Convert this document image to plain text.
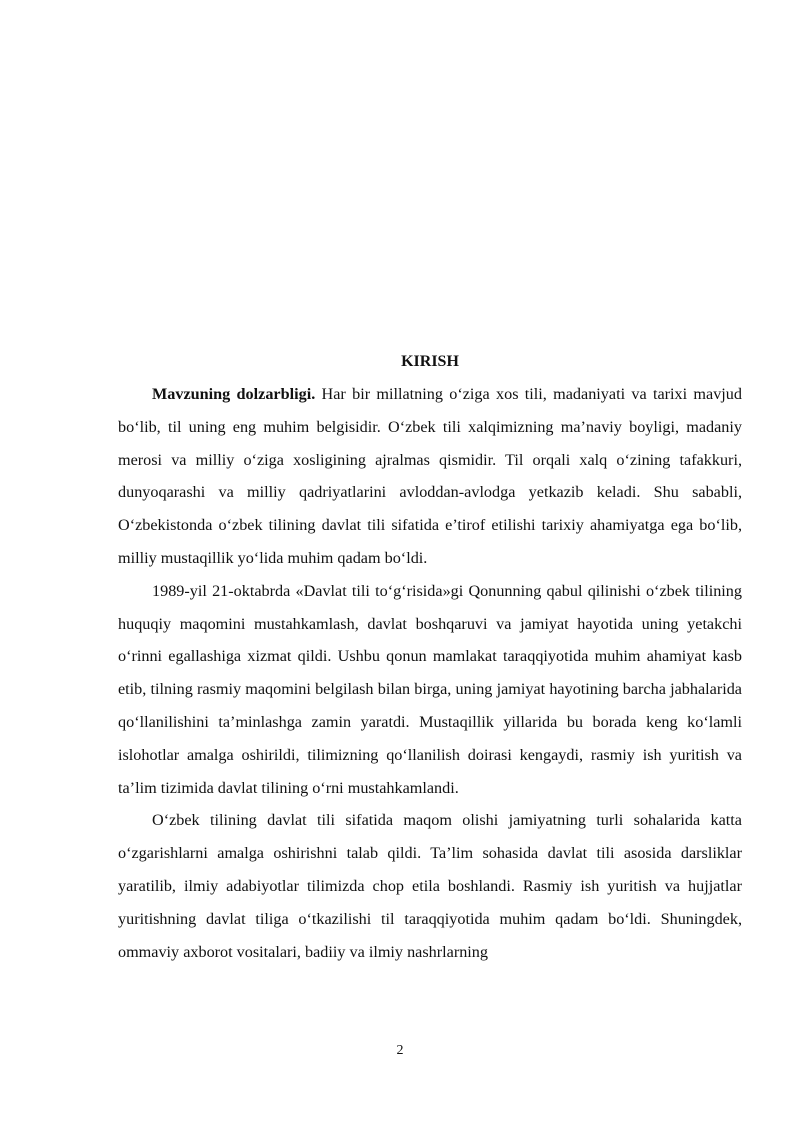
KIRISH

Mavzuning dolzarbligi. Har bir millatning o‘ziga xos tili, madaniyati va tarixi mavjud bo‘lib, til uning eng muhim belgisidir. O‘zbek tili xalqimizning ma’naviy boyligi, madaniy merosi va milliy o‘ziga xosligining ajralmas qismidir. Til orqali xalq o‘zining tafakkuri, dunyoqarashi va milliy qadriyatlarini avloddan-avlodga yetkazib keladi. Shu sababli, O‘zbekistonda o‘zbek tilining davlat tili sifatida e’tirof etilishi tarixiy ahamiyatga ega bo‘lib, milliy mustaqillik yo‘lida muhim qadam bo‘ldi.

1989-yil 21-oktabrda «Davlat tili to‘g‘risida»gi Qonunning qabul qilinishi o‘zbek tilining huquqiy maqomini mustahkamlash, davlat boshqaruvi va jamiyat hayotida uning yetakchi o‘rinni egallashiga xizmat qildi. Ushbu qonun mamlakat taraqqiyotida muhim ahamiyat kasb etib, tilning rasmiy maqomini belgilash bilan birga, uning jamiyat hayotining barcha jabhalarida qo‘llanilishini ta’minlashga zamin yaratdi. Mustaqillik yillarida bu borada keng ko‘lamli islohotlar amalga oshirildi, tilimizning qo‘llanilish doirasi kengaydi, rasmiy ish yuritish va ta’lim tizimida davlat tilining o‘rni mustahkamlandi.

O‘zbek tilining davlat tili sifatida maqom olishi jamiyatning turli sohalarida katta o‘zgarishlarni amalga oshirishni talab qildi. Ta’lim sohasida davlat tili asosida darsliklar yaratilib, ilmiy adabiyotlar tilimizda chop etila boshlandi. Rasmiy ish yuritish va hujjatlar yuritishning davlat tiliga o‘tkazilishi til taraqqiyotida muhim qadam bo‘ldi. Shuningdek, ommaviy axborot vositalari, badiiy va ilmiy nashrlarning

2
